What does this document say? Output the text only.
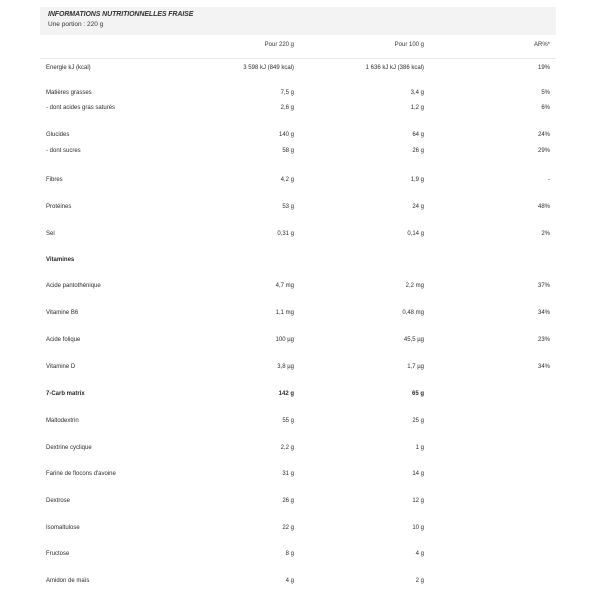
INFORMATIONS NUTRITIONNELLES FRAISE
Une portion : 220 g
Pour 220 g	Pour 100 g	AR%*
Energie kJ (kcal)	3 598 kJ (849 kcal)	1 636 kJ kJ (386 kcal)	19%
Matières grasses	7,5 g	3,4 g	5%
- dont acides gras saturés	2,6 g	1,2 g	6%
Glucides	140 g	64 g	24%
- dont sucres	58 g	26 g	29%
Fibres	4,2 g	1,9 g	-
Protéines	53 g	24 g	48%
Sel	0,31 g	0,14 g	2%
Vitamines
Acide pantothénique	4,7 mg	2,2 mg	37%
Vitamine B6	1,1 mg	0,48 mg	34%
Acide folique	100 µg	45,5 µg	23%
Vitamine D	3,8 µg	1,7 µg	34%
7-Carb matrix	142 g	65 g
Maltodextrin	55 g	25 g
Dextrine cyclique	2,2 g	1 g
Farine de flocons d'avoine	31 g	14 g
Dextrose	26 g	12 g
Isomaltulose	22 g	10 g
Fructose	8 g	4 g
Amidon de maïs	4 g	2 g
